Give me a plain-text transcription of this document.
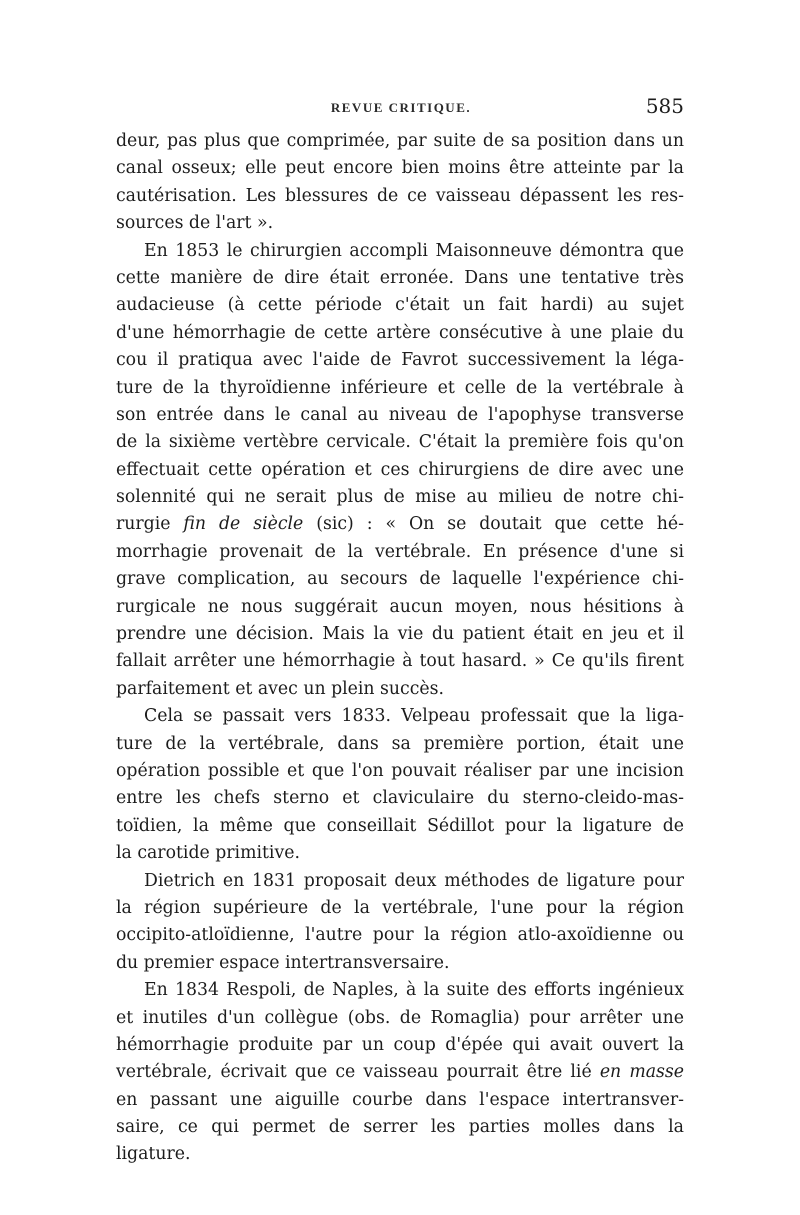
REVUE CRITIQUE.	585
deur, pas plus que comprimée, par suite de sa position dans un
canal osseux; elle peut encore bien moins être atteinte par la
cautérisation. Les blessures de ce vaisseau dépassent les res-
sources de l'art ».
En 1853 le chirurgien accompli Maisonneuve démontra que
cette manière de dire était erronée. Dans une tentative très
audacieuse (à cette période c'était un fait hardi) au sujet
d'une hémorrhagie de cette artère consécutive à une plaie du
cou il pratiqua avec l'aide de Favrot successivement la léga-
ture de la thyroïdienne inférieure et celle de la vertébrale à
son entrée dans le canal au niveau de l'apophyse transverse
de la sixième vertèbre cervicale. C'était la première fois qu'on
effectuait cette opération et ces chirurgiens de dire avec une
solennité qui ne serait plus de mise au milieu de notre chi-
rurgie fin de siècle (sic) : « On se doutait que cette hé-
morrhagie provenait de la vertébrale. En présence d'une si
grave complication, au secours de laquelle l'expérience chi-
rurgicale ne nous suggérait aucun moyen, nous hésitions à
prendre une décision. Mais la vie du patient était en jeu et il
fallait arrêter une hémorrhagie à tout hasard. » Ce qu'ils firent
parfaitement et avec un plein succès.
Cela se passait vers 1833. Velpeau professait que la liga-
ture de la vertébrale, dans sa première portion, était une
opération possible et que l'on pouvait réaliser par une incision
entre les chefs sterno et claviculaire du sterno-cleido-mas-
toïdien, la même que conseillait Sédillot pour la ligature de
la carotide primitive.
Dietrich en 1831 proposait deux méthodes de ligature pour
la région supérieure de la vertébrale, l'une pour la région
occipito-atloïdienne, l'autre pour la région atlo-axoïdienne ou
du premier espace intertransversaire.
En 1834 Respoli, de Naples, à la suite des efforts ingénieux
et inutiles d'un collègue (obs. de Romaglia) pour arrêter une
hémorrhagie produite par un coup d'épée qui avait ouvert la
vertébrale, écrivait que ce vaisseau pourrait être lié en masse
en passant une aiguille courbe dans l'espace intertransver-
saire, ce qui permet de serrer les parties molles dans la
ligature.
